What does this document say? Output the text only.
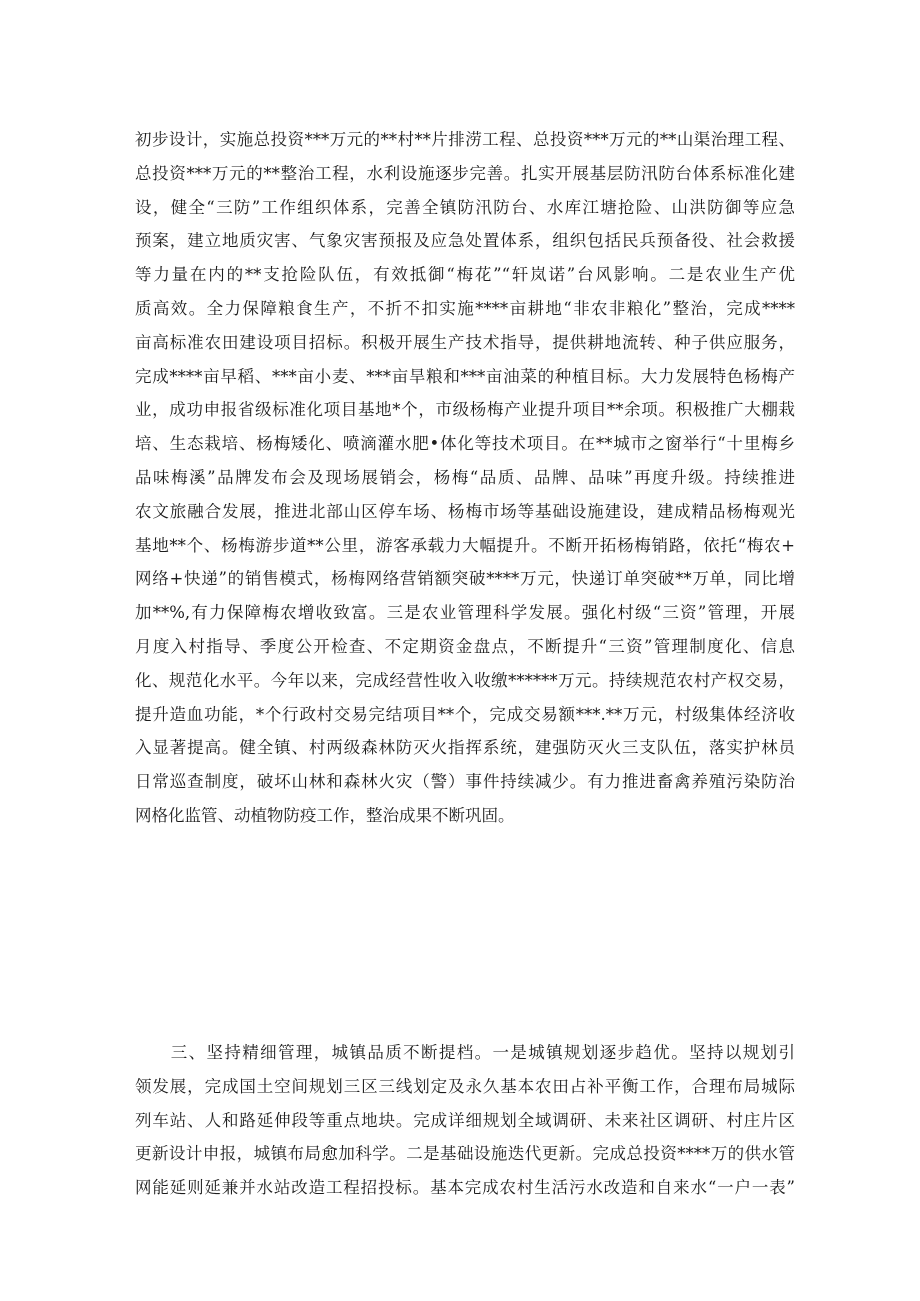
初步设计，实施总投资***万元的**村**片排涝工程、总投资***万元的**山渠治理工程、
总投资***万元的**整治工程，水利设施逐步完善。扎实开展基层防汛防台体系标准化建
设，健全“三防”工作组织体系，完善全镇防汛防台、水库江塘抢险、山洪防御等应急
预案，建立地质灾害、气象灾害预报及应急处置体系，组织包括民兵预备役、社会救援
等力量在内的**支抢险队伍，有效抵御“梅花”“轩岚诺”台风影响。二是农业生产优
质高效。全力保障粮食生产，不折不扣实施****亩耕地“非农非粮化”整治，完成****
亩高标准农田建设项目招标。积极开展生产技术指导，提供耕地流转、种子供应服务，
完成****亩早稻、***亩小麦、***亩旱粮和***亩油菜的种植目标。大力发展特色杨梅产
业，成功申报省级标准化项目基地*个，市级杨梅产业提升项目**余项。积极推广大棚栽
培、生态栽培、杨梅矮化、喷滴灌水肥•体化等技术项目。在**城市之窗举行“十里梅乡
品味梅溪”品牌发布会及现场展销会，杨梅“品质、品牌、品味”再度升级。持续推进
农文旅融合发展，推进北部山区停车场、杨梅市场等基础设施建设，建成精品杨梅观光
基地**个、杨梅游步道**公里，游客承载力大幅提升。不断开拓杨梅销路，依托“梅农+
网络+快递”的销售模式，杨梅网络营销额突破****万元，快递订单突破**万单，同比增
加**%,有力保障梅农增收致富。三是农业管理科学发展。强化村级“三资”管理，开展
月度入村指导、季度公开检查、不定期资金盘点，不断提升“三资”管理制度化、信息
化、规范化水平。今年以来，完成经营性收入收缴******万元。持续规范农村产权交易，
提升造血功能，*个行政村交易完结项目**个，完成交易额***.**万元，村级集体经济收
入显著提高。健全镇、村两级森林防灭火指挥系统，建强防灭火三支队伍，落实护林员
日常巡查制度，破坏山林和森林火灾（警）事件持续减少。有力推进畜禽养殖污染防治
网格化监管、动植物防疫工作，整治成果不断巩固。
　　三、坚持精细管理，城镇品质不断提档。一是城镇规划逐步趋优。坚持以规划引
领发展，完成国土空间规划三区三线划定及永久基本农田占补平衡工作，合理布局城际
列车站、人和路延伸段等重点地块。完成详细规划全域调研、未来社区调研、村庄片区
更新设计申报，城镇布局愈加科学。二是基础设施迭代更新。完成总投资****万的供水管
网能延则延兼并水站改造工程招投标。基本完成农村生活污水改造和自来水“一户一表”
